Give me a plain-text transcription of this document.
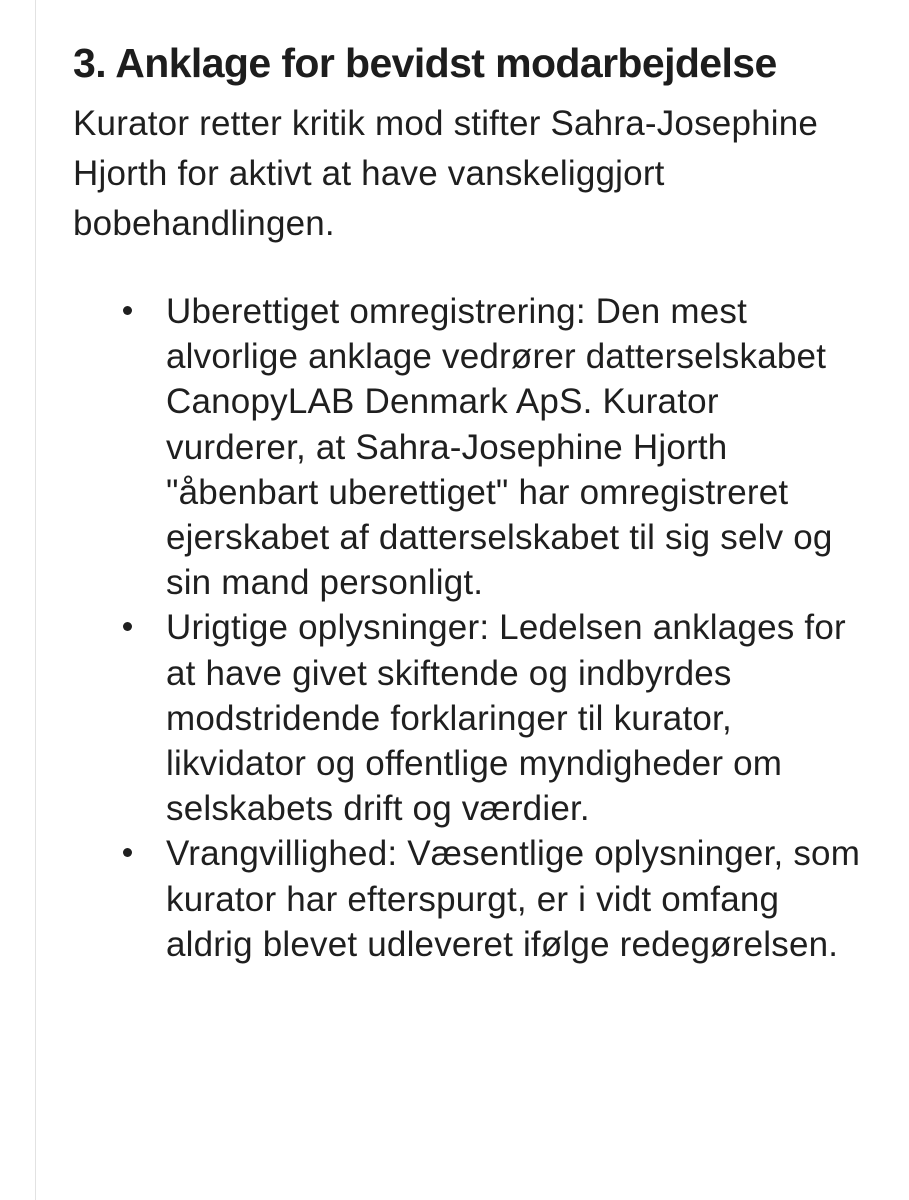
3. Anklage for bevidst modarbejdelse

Kurator retter kritik mod stifter Sahra-Josephine Hjorth for aktivt at have vanskeliggjort bobehandlingen.

Uberettiget omregistrering: Den mest alvorlige anklage vedrører datterselskabet CanopyLAB Denmark ApS. Kurator vurderer, at Sahra-Josephine Hjorth "åbenbart uberettiget" har omregistreret ejerskabet af datterselskabet til sig selv og sin mand personligt.
Urigtige oplysninger: Ledelsen anklages for at have givet skiftende og indbyrdes modstridende forklaringer til kurator, likvidator og offentlige myndigheder om selskabets drift og værdier.
Vrangvillighed: Væsentlige oplysninger, som kurator har efterspurgt, er i vidt omfang aldrig blevet udleveret ifølge redegørelsen.
